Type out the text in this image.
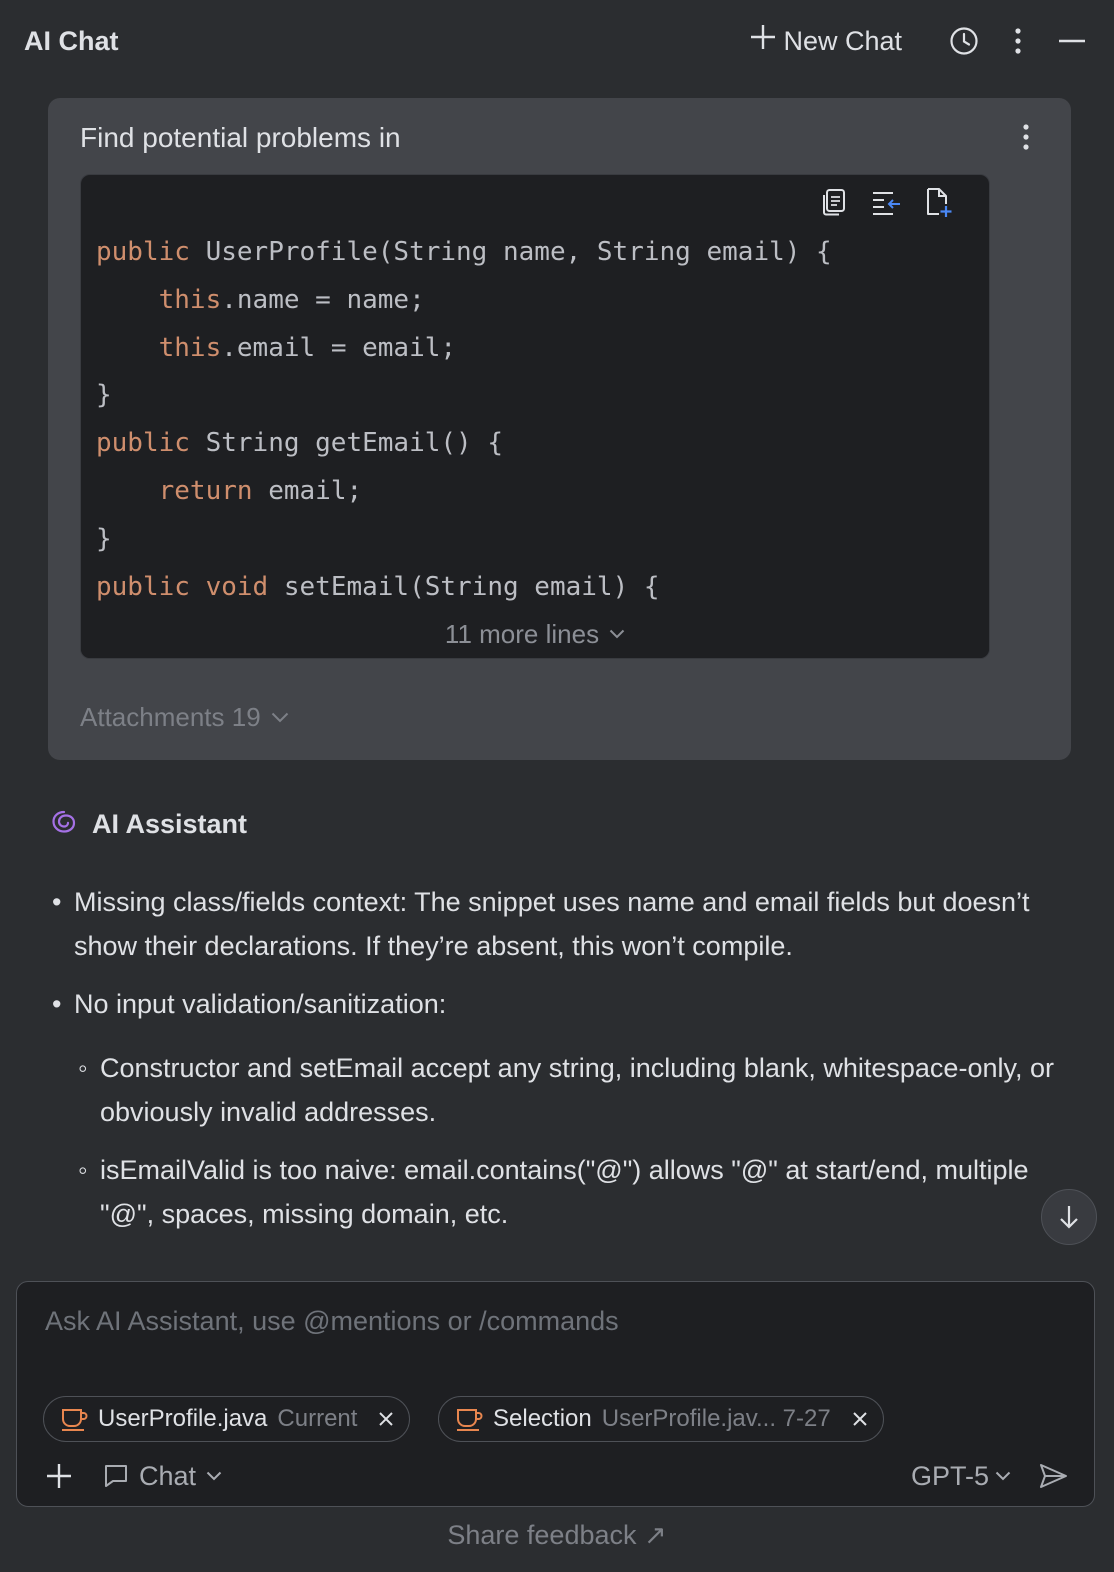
AI Chat	New Chat
Find potential problems in
public UserProfile(String name, String email) {
this.name = name;
this.email = email;
}
public String getEmail() {
return email;
}
public void setEmail(String email) {
11 more lines
Attachments 19
AI Assistant
• Missing class/fields context: The snippet uses name and email fields but doesn’t show their declarations. If they’re absent, this won’t compile.
• No input validation/sanitization:
◦ Constructor and setEmail accept any string, including blank, whitespace-only, or obviously invalid addresses.
◦ isEmailValid is too naive: email.contains("@") allows "@" at start/end, multiple "@", spaces, missing domain, etc.
Ask AI Assistant, use @mentions or /commands
UserProfile.java Current	Selection UserProfile.jav... 7-27
Chat	GPT-5
Share feedback ↗
